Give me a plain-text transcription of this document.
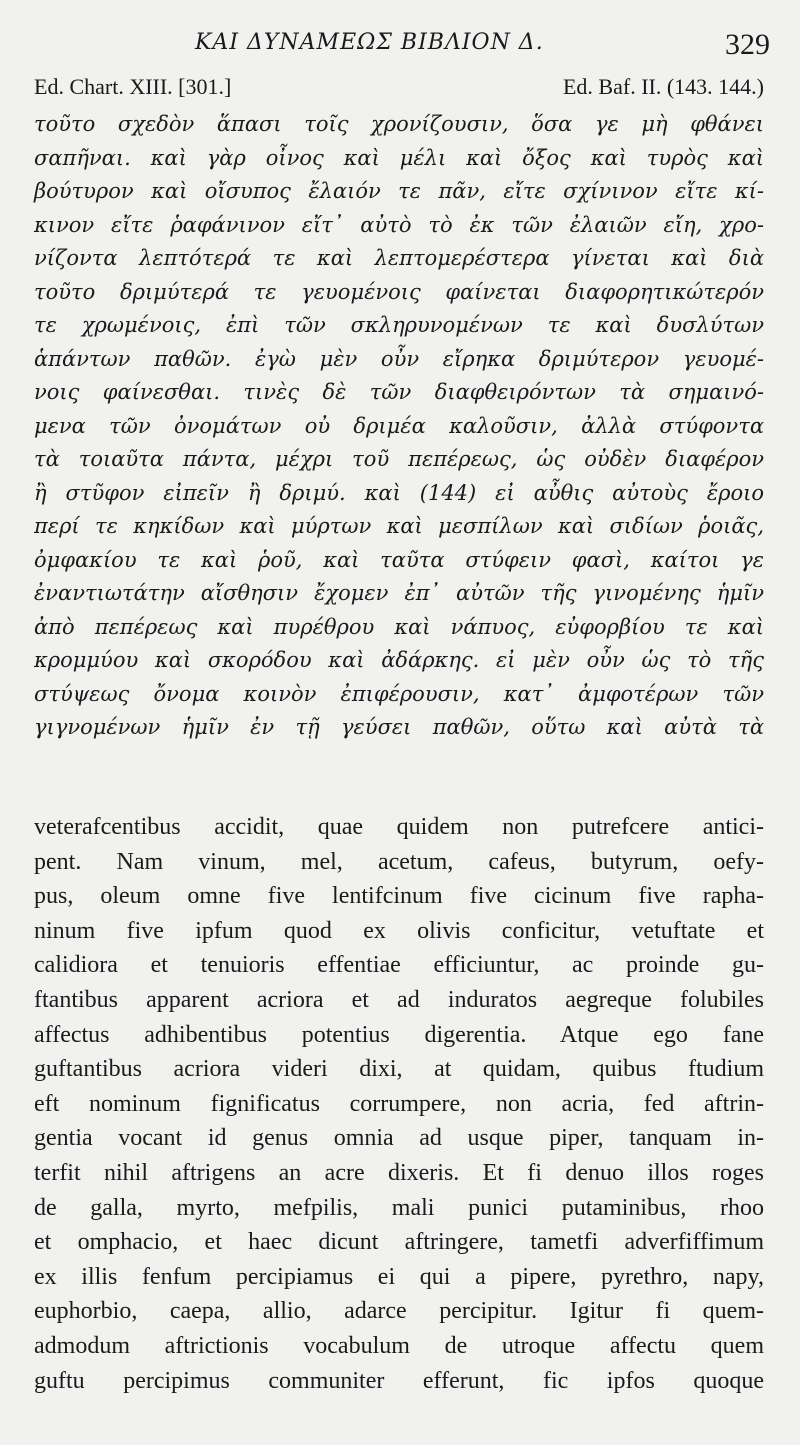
ΚΑΙ ΔΥΝΑΜΕΩΣ ΒΙΒΛΙΟΝ Δ.	329
Ed. Chart. XIII. [301.]	Ed. Baf. II. (143. 144.)
τοῦτο σχεδὸν ἅπασι τοῖς χρονίζουσιν, ὅσα γε μὴ φθάνει
σαπῆναι. καὶ γὰρ οἶνος καὶ μέλι καὶ ὄξος καὶ τυρὸς καὶ
βούτυρον καὶ οἴσυπος ἔλαιόν τε πᾶν, εἴτε σχίνινον εἴτε κί-
κινον εἴτε ῥαφάνινον εἴτ᾽ αὐτὸ τὸ ἐκ τῶν ἐλαιῶν εἴη, χρο-
νίζοντα λεπτότερά τε καὶ λεπτομερέστερα γίνεται καὶ διὰ
τοῦτο δριμύτερά τε γευομένοις φαίνεται διαφορητικώτερόν
τε χρωμένοις, ἐπὶ τῶν σκληρυνομένων τε καὶ δυσλύτων
ἁπάντων παθῶν. ἐγὼ μὲν οὖν εἴρηκα δριμύτερον γευομέ-
νοις φαίνεσθαι. τινὲς δὲ τῶν διαφθειρόντων τὰ σημαινό-
μενα τῶν ὀνομάτων οὐ δριμέα καλοῦσιν, ἀλλὰ στύφοντα
τὰ τοιαῦτα πάντα, μέχρι τοῦ πεπέρεως, ὡς οὐδὲν διαφέρον
ἢ στῦφον εἰπεῖν ἢ δριμύ. καὶ (144) εἰ αὖθις αὐτοὺς ἔροιο
περί τε κηκίδων καὶ μύρτων καὶ μεσπίλων καὶ σιδίων ῥοιᾶς,
ὀμφακίου τε καὶ ῥοῦ, καὶ ταῦτα στύφειν φασὶ, καίτοι γε
ἐναντιωτάτην αἴσθησιν ἔχομεν ἐπ᾽ αὐτῶν τῆς γινομένης ἡμῖν
ἀπὸ πεπέρεως καὶ πυρέθρου καὶ νάπυος, εὐφορβίου τε καὶ
κρομμύου καὶ σκορόδου καὶ ἀδάρκης. εἰ μὲν οὖν ὡς τὸ τῆς
στύψεως ὄνομα κοινὸν ἐπιφέρουσιν, κατ᾽ ἀμφοτέρων τῶν
γιγνομένων ἡμῖν ἐν τῇ γεύσει παθῶν, οὕτω καὶ αὐτὰ τὰ
veterafcentibus accidit, quae quidem non putrefcere antici-
pent. Nam vinum, mel, acetum, cafeus, butyrum, oefy-
pus, oleum omne five lentifcinum five cicinum five rapha-
ninum five ipfum quod ex olivis conficitur, vetuftate et
calidiora et tenuioris effentiae efficiuntur, ac proinde gu-
ftantibus apparent acriora et ad induratos aegreque folubiles
affectus adhibentibus potentius digerentia. Atque ego fane
guftantibus acriora videri dixi, at quidam, quibus ftudium
eft nominum fignificatus corrumpere, non acria, fed aftrin-
gentia vocant id genus omnia ad usque piper, tanquam in-
terfit nihil aftrigens an acre dixeris. Et fi denuo illos roges
de galla, myrto, mefpilis, mali punici putaminibus, rhoo
et omphacio, et haec dicunt aftringere, tametfi adverfiffimum
ex illis fenfum percipiamus ei qui a pipere, pyrethro, napy,
euphorbio, caepa, allio, adarce percipitur. Igitur fi quem-
admodum aftrictionis vocabulum de utroque affectu quem
guftu percipimus communiter efferunt, fic ipfos quoque
